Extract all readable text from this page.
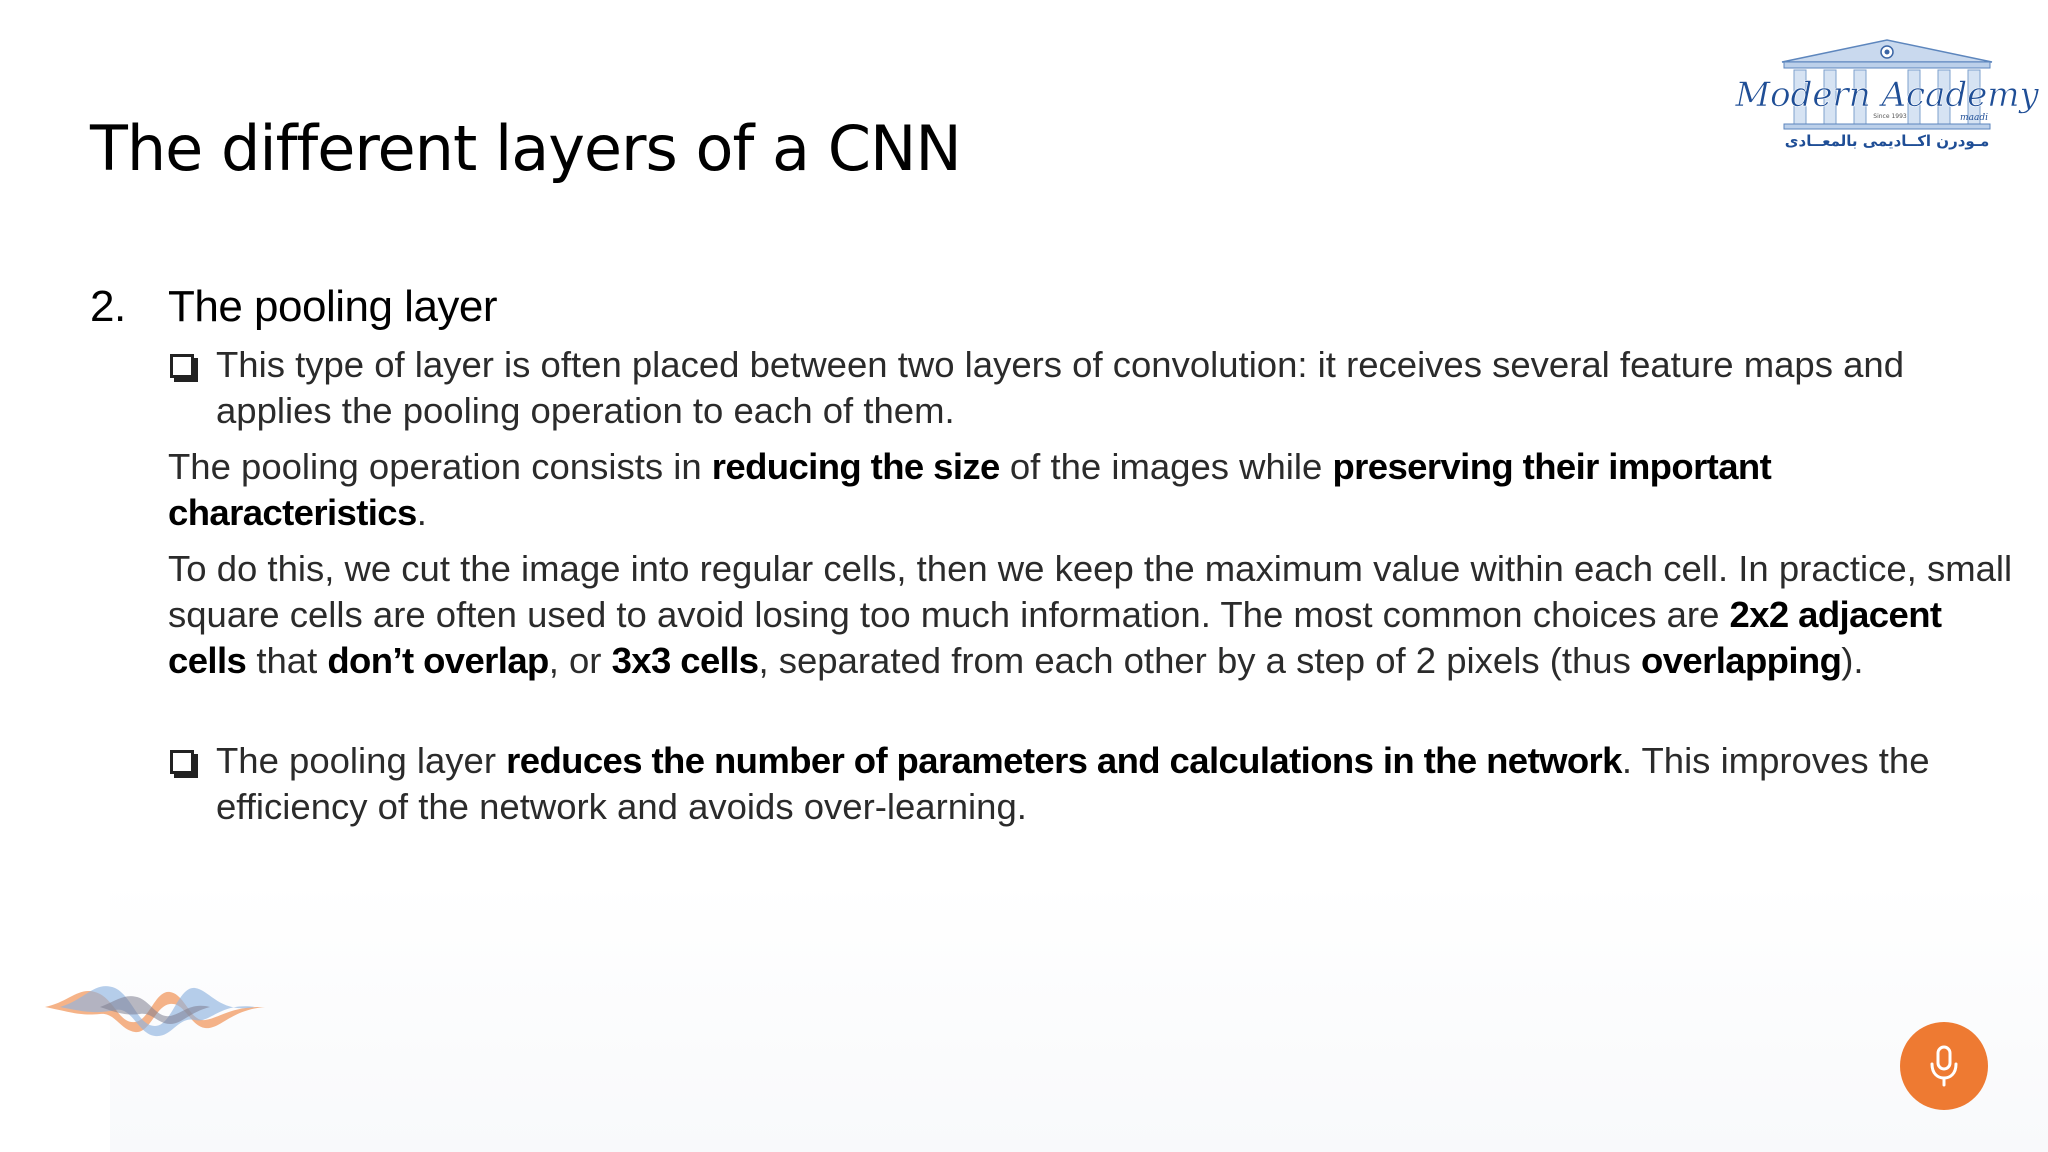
The different layers of a CNN
Modern Academy
maadi
Since 1993
مـودرن اكــاديمى بالمعــادى
2. The pooling layer

This type of layer is often placed between two layers of convolution: it receives several feature maps and applies the pooling operation to each of them.

The pooling operation consists in reducing the size of the images while preserving their important characteristics.

To do this, we cut the image into regular cells, then we keep the maximum value within each cell. In practice, small square cells are often used to avoid losing too much information. The most common choices are 2x2 adjacent cells that don’t overlap, or 3x3 cells, separated from each other by a step of 2 pixels (thus overlapping).

The pooling layer reduces the number of parameters and calculations in the network. This improves the efficiency of the network and avoids over-learning.
